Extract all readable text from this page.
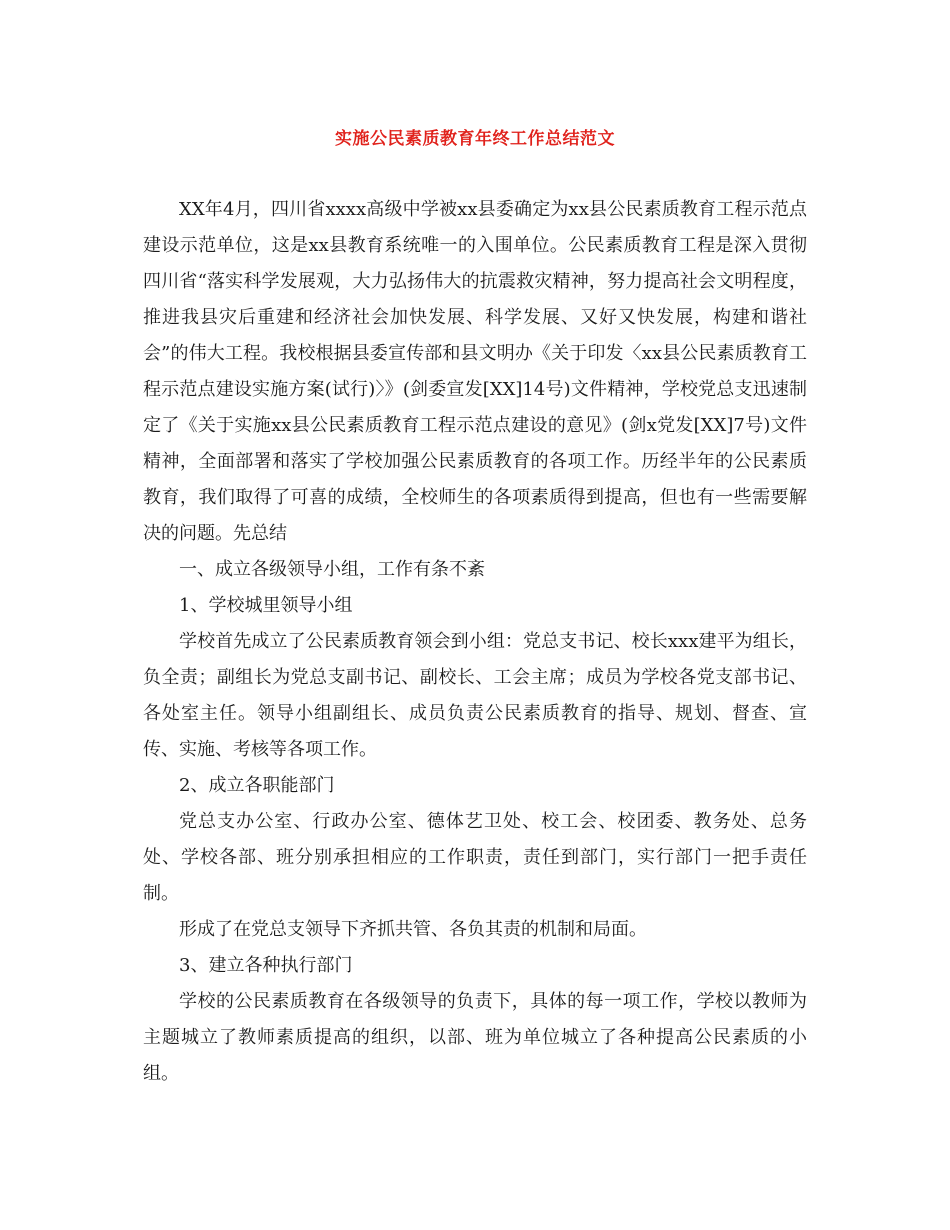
实施公民素质教育年终工作总结范文

XX年4月，四川省xxxx高级中学被xx县委确定为xx县公民素质教育工程示范点建设示范单位，这是xx县教育系统唯一的入围单位。公民素质教育工程是深入贯彻四川省“落实科学发展观，大力弘扬伟大的抗震救灾精神，努力提高社会文明程度，推进我县灾后重建和经济社会加快发展、科学发展、又好又快发展，构建和谐社会”的伟大工程。我校根据县委宣传部和县文明办《关于印发〈xx县公民素质教育工程示范点建设实施方案(试行)〉》(剑委宣发[XX]14号)文件精神，学校党总支迅速制定了《关于实施xx县公民素质教育工程示范点建设的意见》(剑x党发[XX]7号)文件精神，全面部署和落实了学校加强公民素质教育的各项工作。历经半年的公民素质教育，我们取得了可喜的成绩，全校师生的各项素质得到提高，但也有一些需要解决的问题。先总结

一、成立各级领导小组，工作有条不紊

1、学校城里领导小组

学校首先成立了公民素质教育领会到小组：党总支书记、校长xxx建平为组长，负全责；副组长为党总支副书记、副校长、工会主席；成员为学校各党支部书记、各处室主任。领导小组副组长、成员负责公民素质教育的指导、规划、督查、宣传、实施、考核等各项工作。

2、成立各职能部门

党总支办公室、行政办公室、德体艺卫处、校工会、校团委、教务处、总务处、学校各部、班分别承担相应的工作职责，责任到部门，实行部门一把手责任制。

形成了在党总支领导下齐抓共管、各负其责的机制和局面。

3、建立各种执行部门

学校的公民素质教育在各级领导的负责下，具体的每一项工作，学校以教师为主题城立了教师素质提高的组织，以部、班为单位城立了各种提高公民素质的小组。
